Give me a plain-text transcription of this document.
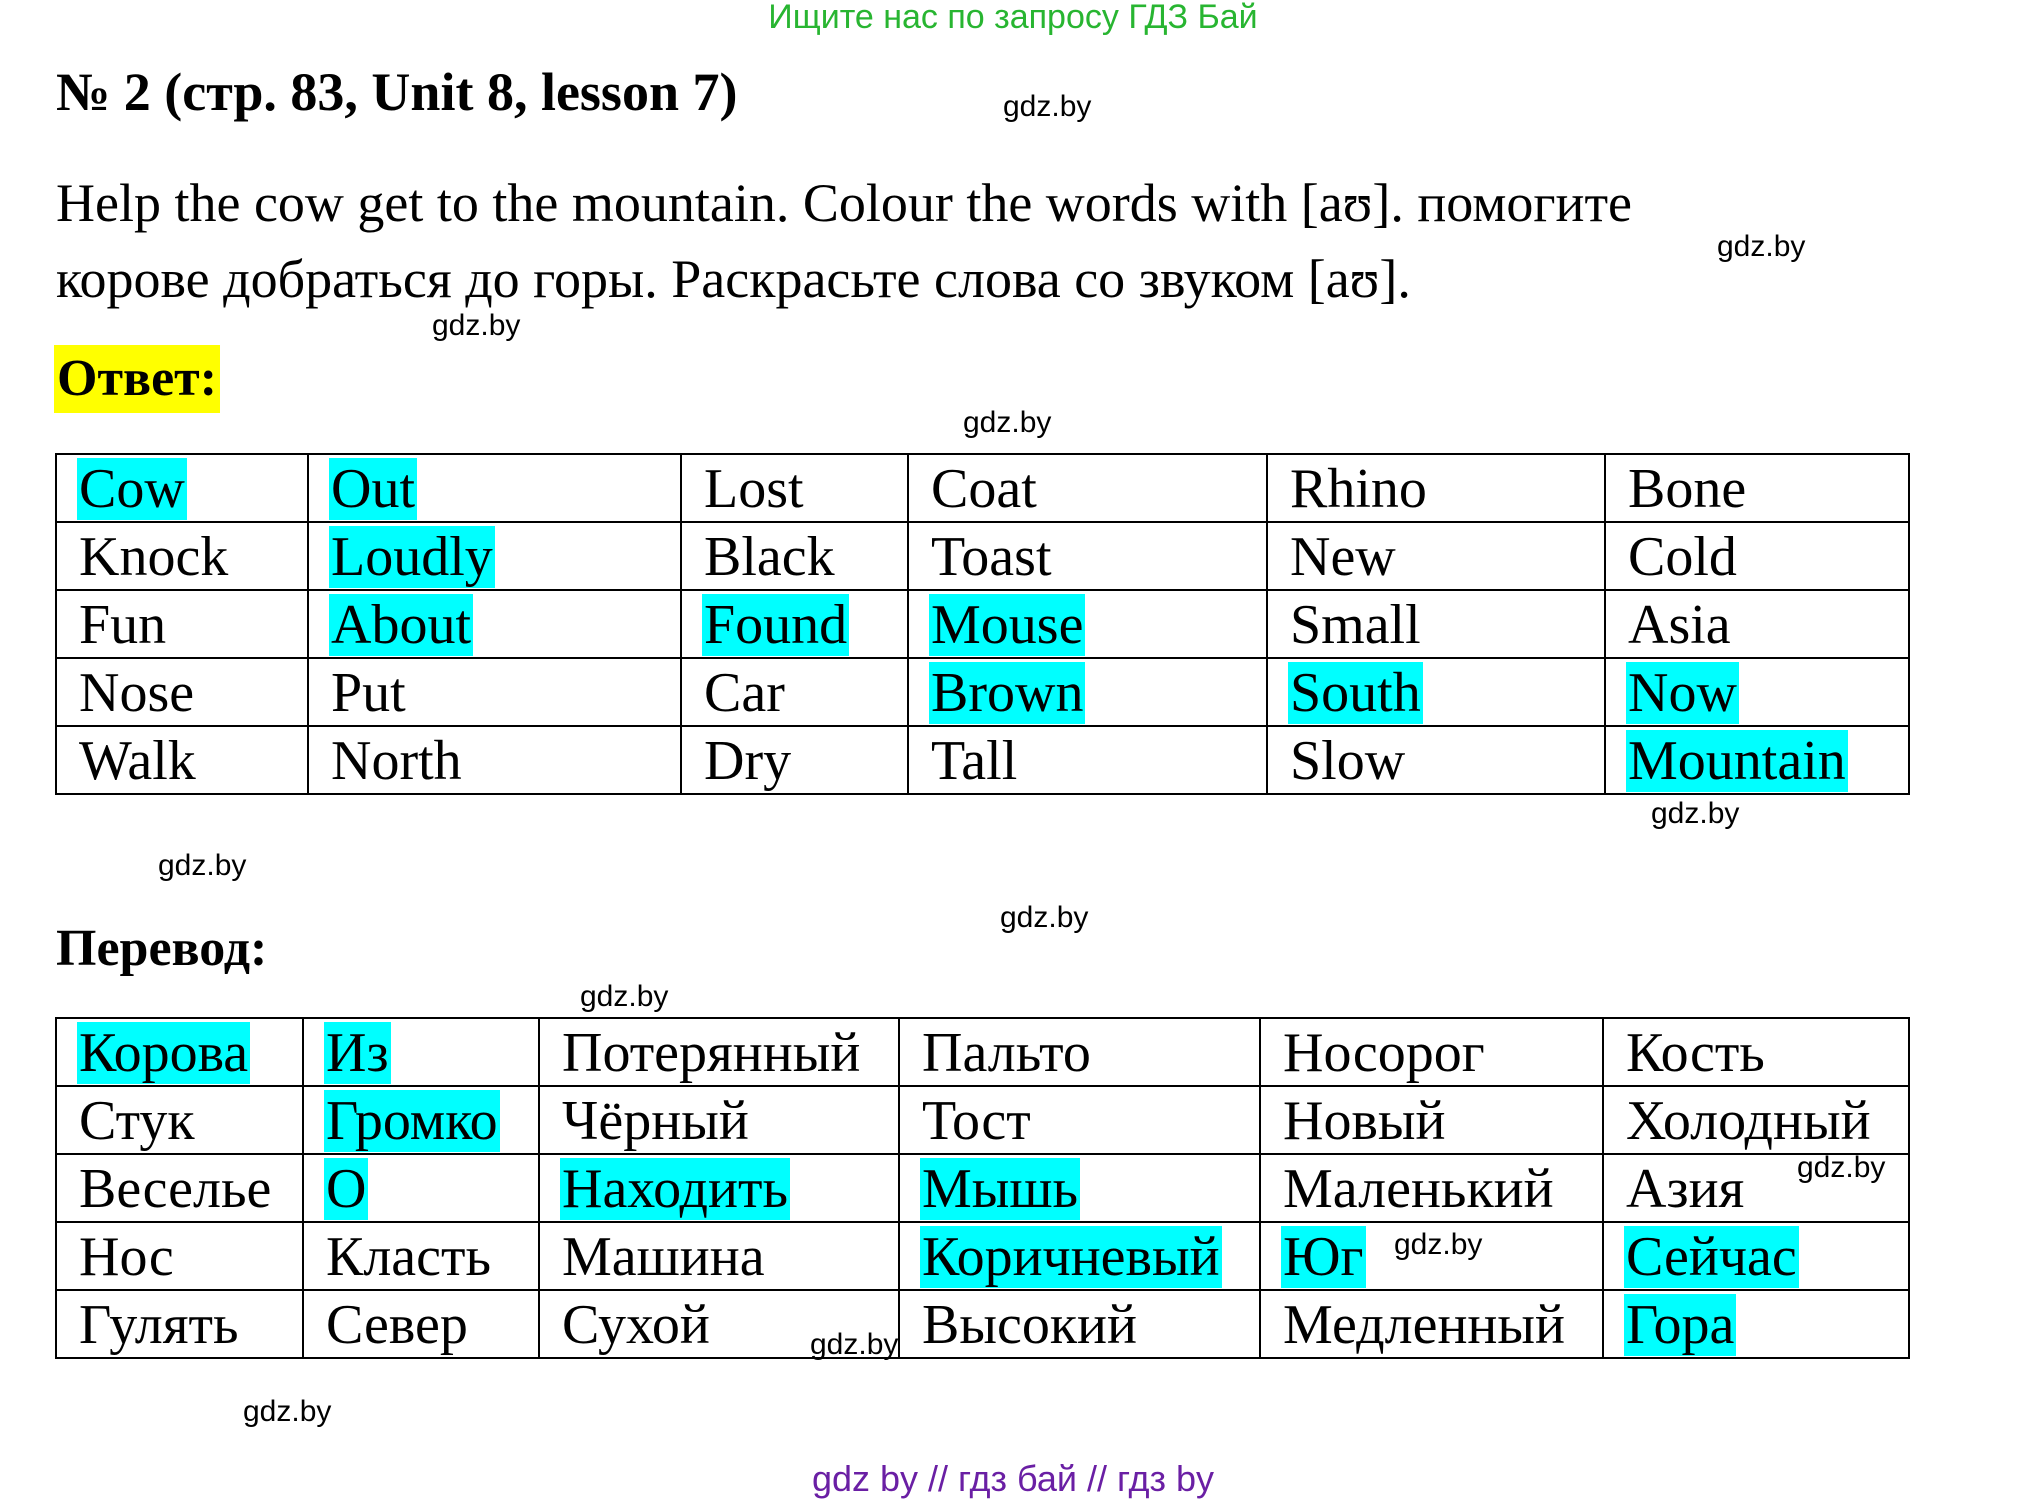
Ищите нас по запросу ГДЗ Бай
№ 2 (стр. 83, Unit 8, lesson 7)
Help the cow get to the mountain. Colour the words with [aʊ]. помогите
корове добраться до горы. Раскрасьте слова со звуком [aʊ].
Ответ:
Cow	Out	Lost	Coat	Rhino	Bone
Knock	Loudly	Black	Toast	New	Cold
Fun	About	Found	Mouse	Small	Asia
Nose	Put	Car	Brown	South	Now
Walk	North	Dry	Tall	Slow	Mountain
Перевод:
Корова	Из	Потерянный	Пальто	Носорог	Кость
Стук	Громко	Чёрный	Тост	Новый	Холодный
Веселье	О	Находить	Мышь	Маленький	Азия
Нос	Класть	Машина	Коричневый	Юг	Сейчас
Гулять	Север	Сухой	Высокий	Медленный	Гора
gdz.by
gdz.by
gdz.by
gdz.by
gdz.by
gdz.by
gdz.by
gdz.by
gdz.by
gdz.by
gdz.by
gdz.by
gdz by // гдз бай // гдз by
